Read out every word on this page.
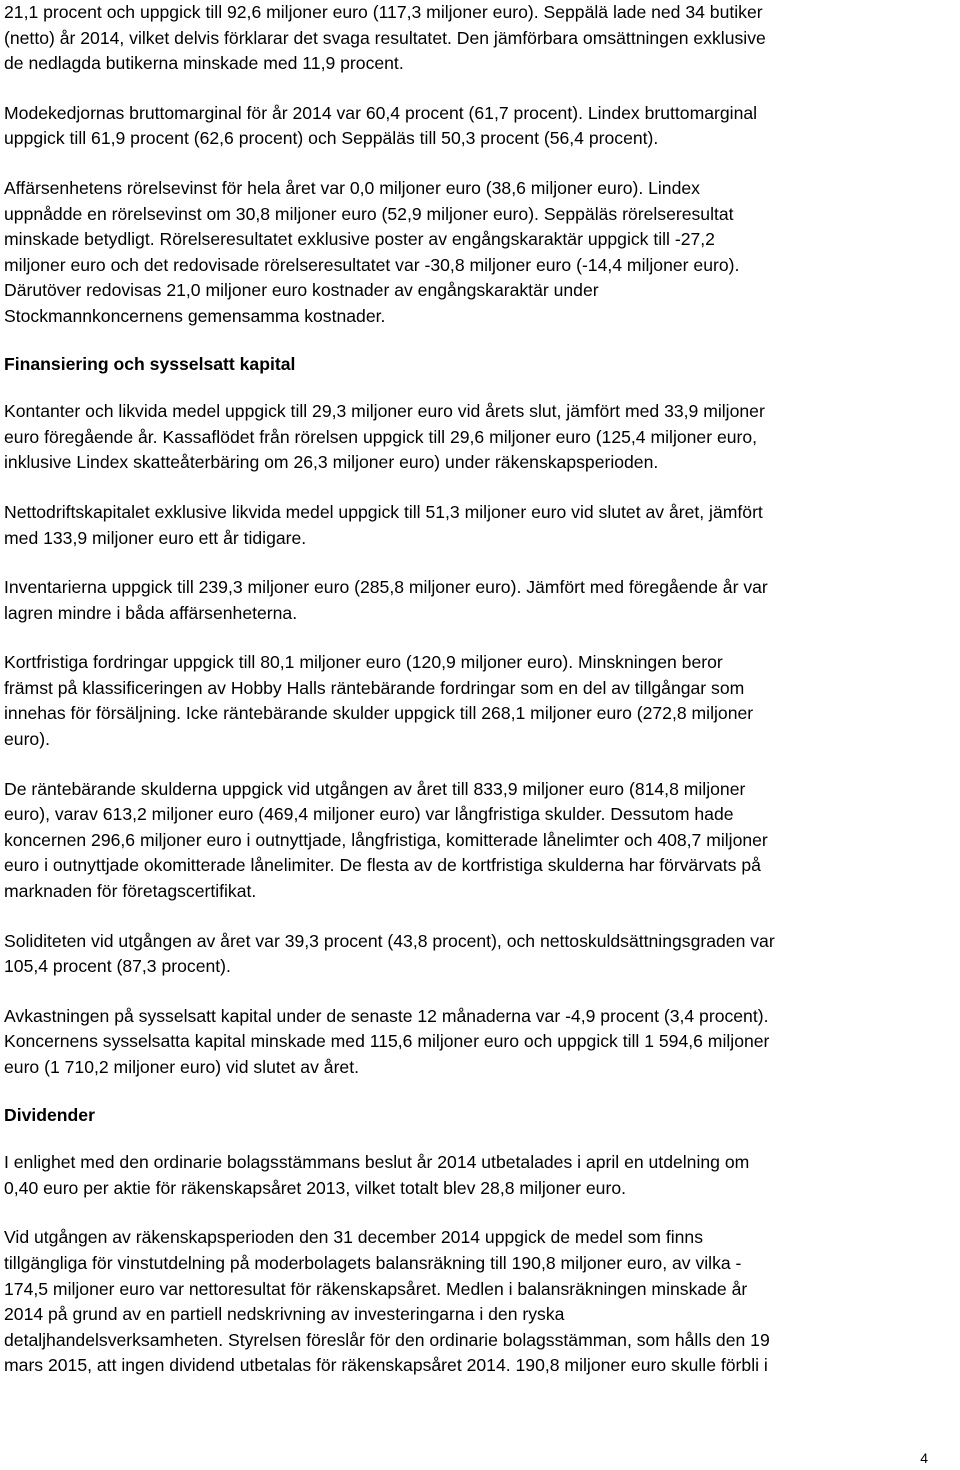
21,1 procent och uppgick till 92,6 miljoner euro (117,3 miljoner euro). Seppälä lade ned 34 butiker
(netto) år 2014, vilket delvis förklarar det svaga resultatet. Den jämförbara omsättningen exklusive
de nedlagda butikerna minskade med 11,9 procent.

Modekedjornas bruttomarginal för år 2014 var 60,4 procent (61,7 procent). Lindex bruttomarginal
uppgick till 61,9 procent (62,6 procent) och Seppäläs till 50,3 procent (56,4 procent).

Affärsenhetens rörelsevinst för hela året var 0,0 miljoner euro (38,6 miljoner euro). Lindex
uppnådde en rörelsevinst om 30,8 miljoner euro (52,9 miljoner euro). Seppäläs rörelseresultat
minskade betydligt. Rörelseresultatet exklusive poster av engångskaraktär uppgick till -27,2
miljoner euro och det redovisade rörelseresultatet var -30,8 miljoner euro (-14,4 miljoner euro).
Därutöver redovisas 21,0 miljoner euro kostnader av engångskaraktär under
Stockmannkoncernens gemensamma kostnader.

Finansiering och sysselsatt kapital

Kontanter och likvida medel uppgick till 29,3 miljoner euro vid årets slut, jämfört med 33,9 miljoner
euro föregående år. Kassaflödet från rörelsen uppgick till 29,6 miljoner euro (125,4 miljoner euro,
inklusive Lindex skatteåterbäring om 26,3 miljoner euro) under räkenskapsperioden.

Nettodriftskapitalet exklusive likvida medel uppgick till 51,3 miljoner euro vid slutet av året, jämfört
med 133,9 miljoner euro ett år tidigare.

Inventarierna uppgick till 239,3 miljoner euro (285,8 miljoner euro). Jämfört med föregående år var
lagren mindre i båda affärsenheterna.

Kortfristiga fordringar uppgick till 80,1 miljoner euro (120,9 miljoner euro). Minskningen beror
främst på klassificeringen av Hobby Halls räntebärande fordringar som en del av tillgångar som
innehas för försäljning. Icke räntebärande skulder uppgick till 268,1 miljoner euro (272,8 miljoner
euro).

De räntebärande skulderna uppgick vid utgången av året till 833,9 miljoner euro (814,8 miljoner
euro), varav 613,2 miljoner euro (469,4 miljoner euro) var långfristiga skulder. Dessutom hade
koncernen 296,6 miljoner euro i outnyttjade, långfristiga, komitterade lånelimter och 408,7 miljoner
euro i outnyttjade okomitterade lånelimiter. De flesta av de kortfristiga skulderna har förvärvats på
marknaden för företagscertifikat.

Soliditeten vid utgången av året var 39,3 procent (43,8 procent), och nettoskuldsättningsgraden var
105,4 procent (87,3 procent).

Avkastningen på sysselsatt kapital under de senaste 12 månaderna var -4,9 procent (3,4 procent).
Koncernens sysselsatta kapital minskade med 115,6 miljoner euro och uppgick till 1 594,6 miljoner
euro (1 710,2 miljoner euro) vid slutet av året.

Dividender

I enlighet med den ordinarie bolagsstämmans beslut år 2014 utbetalades i april en utdelning om
0,40 euro per aktie för räkenskapsåret 2013, vilket totalt blev 28,8 miljoner euro.

Vid utgången av räkenskapsperioden den 31 december 2014 uppgick de medel som finns
tillgängliga för vinstutdelning på moderbolagets balansräkning till 190,8 miljoner euro, av vilka -
174,5 miljoner euro var nettoresultat för räkenskapsåret. Medlen i balansräkningen minskade år
2014 på grund av en partiell nedskrivning av investeringarna i den ryska
detaljhandelsverksamheten. Styrelsen föreslår för den ordinarie bolagsstämman, som hålls den 19
mars 2015, att ingen dividend utbetalas för räkenskapsåret 2014. 190,8 miljoner euro skulle förbli i

4
